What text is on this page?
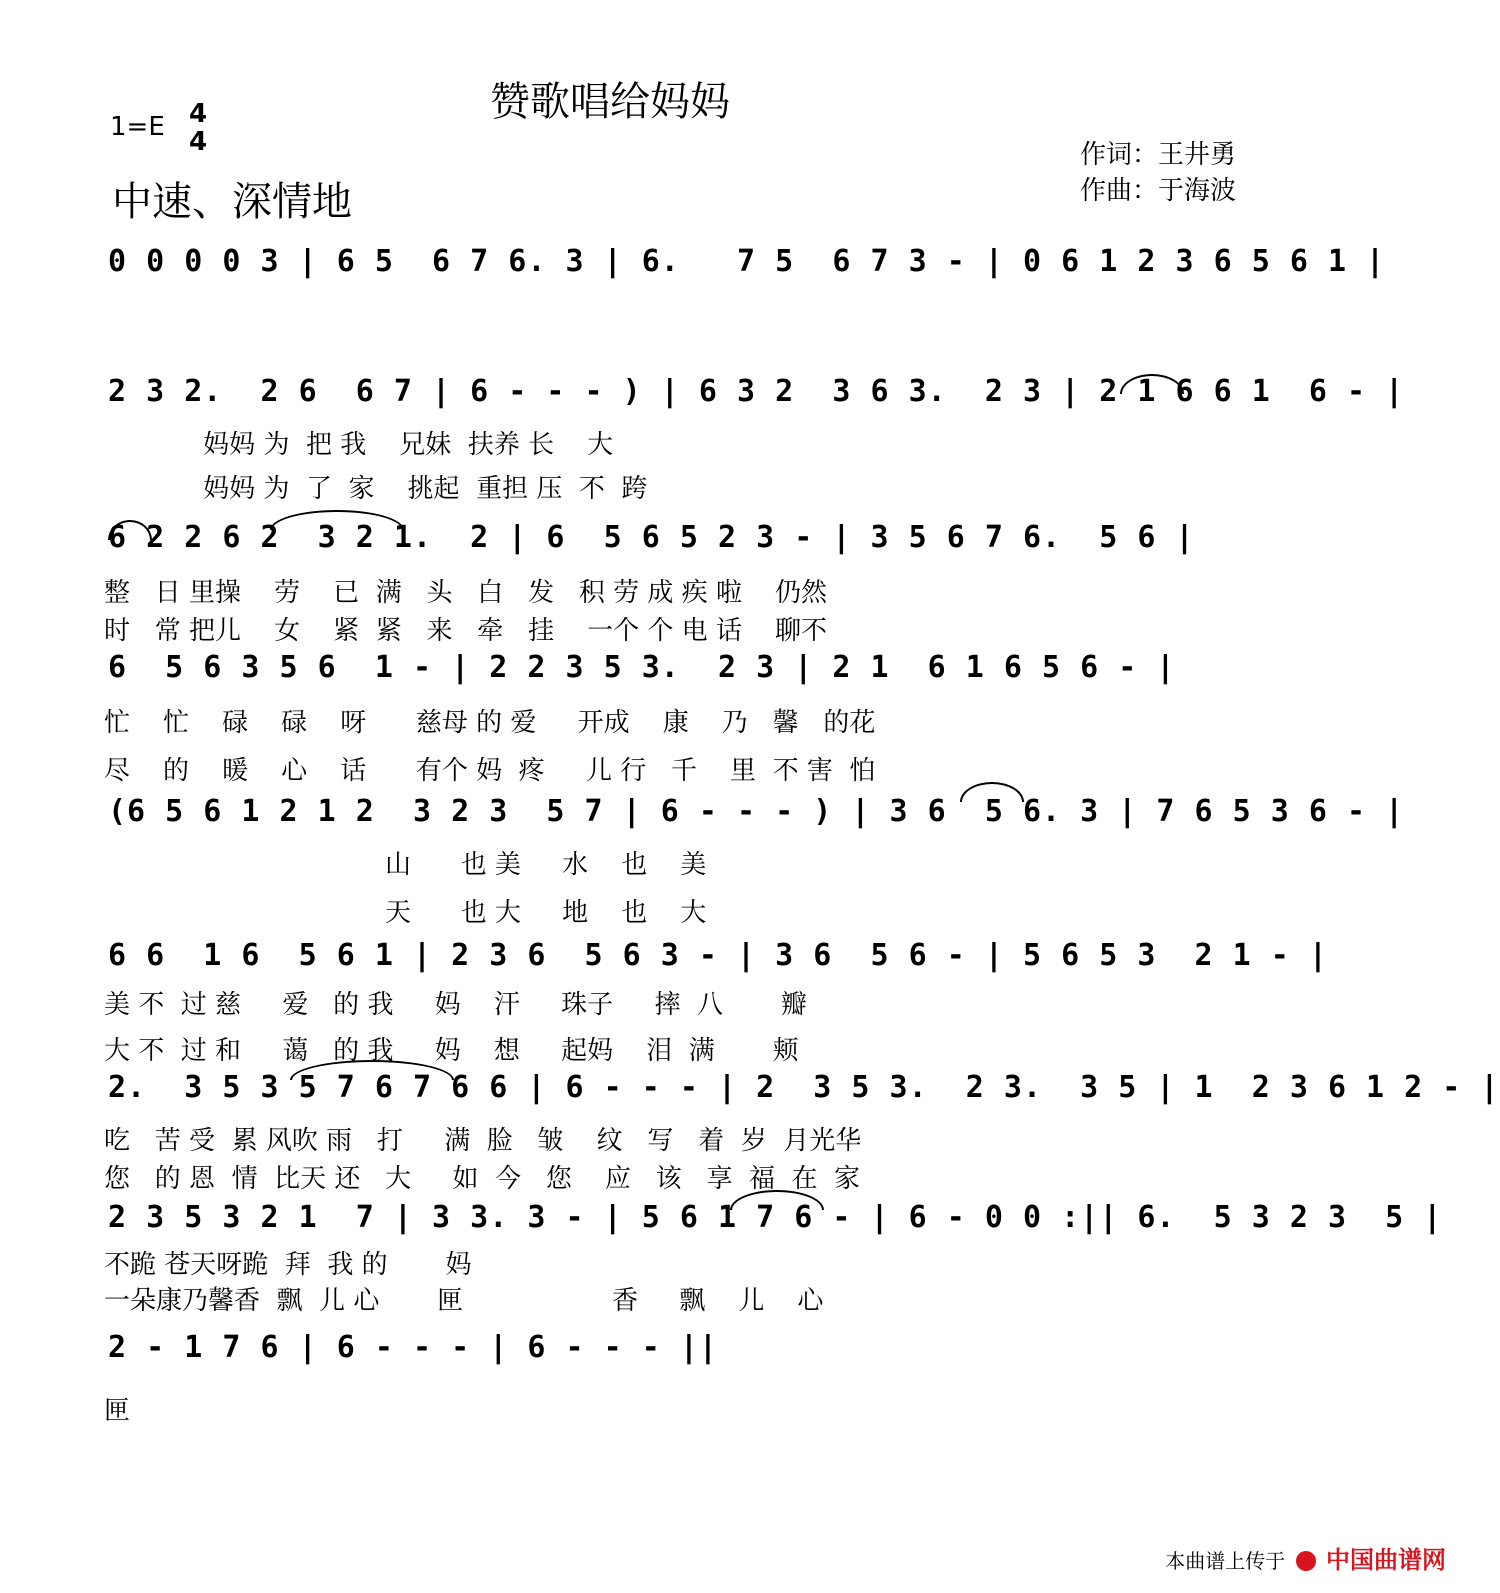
赞歌唱给妈妈
1=E 4
4
中速、深情地
作词：王井勇
作曲：于海波
0 0 0 0 3 | 6 5  6 7 6. 3 | 6.   7 5  6 7 3 - | 0 6 1 2 3 6 5 6 1 |
2 3 2.  2 6  6 7 | 6 - - - ) | 6 3 2  3 6 3.  2 3 | 2 1 6 6 1  6 - |
妈妈 为  把 我    兄妹  扶养 长    大
妈妈 为  了  家    挑起  重担 压  不  跨
6 2 2 6 2  3 2 1.  2 | 6  5 6 5 2 3 - | 3 5 6 7 6.  5 6 |
整   日 里操    劳    已  满   头   白   发   积 劳 成 疾 啦    仍然
时   常 把儿    女    紧  紧   来   牵   挂    一个 个 电 话    聊不
6  5 6 3 5 6  1 - | 2 2 3 5 3.  2 3 | 2 1  6 1 6 5 6 - |
忙    忙    碌    碌    呀      慈母 的 爱     开成    康    乃   馨   的花
尽    的    暖    心    话      有个 妈  疼     儿 行   千    里  不 害  怕
(6 5 6 1 2 1 2  3 2 3  5 7 | 6 - - - ) | 3 6  5 6. 3 | 7 6 5 3 6 - |
山      也 美     水    也    美
天      也 大     地    也    大
6 6  1 6  5 6 1 | 2 3 6  5 6 3 - | 3 6  5 6 - | 5 6 5 3  2 1 - |
美 不  过 慈     爱   的 我     妈    汗     珠子     摔  八       瓣
大 不  过 和     蔼   的 我     妈    想     起妈    泪  满       颊
2.  3 5 3 5 7 6 7 6 6 | 6 - - - | 2  3 5 3.  2 3.  3 5 | 1  2 3 6 1 2 - |
吃   苦 受  累 风吹 雨   打     满  脸   皱    纹   写   着  岁  月光华
您   的 恩  情  比天 还   大     如  今   您    应   该   享  福  在  家
2 3 5 3 2 1  7 | 3 3. 3 - | 5 6 1 7 6 - | 6 - 0 0 :|| 6.  5 3 2 3  5 |
不跪 苍天呀跪  拜  我 的       妈
一朵康乃馨香  飘  儿 心       匣                  香     飘    儿    心
2 - 1 7 6 | 6 - - - | 6 - - - ||
匣
本曲谱上传于 中国曲谱网
